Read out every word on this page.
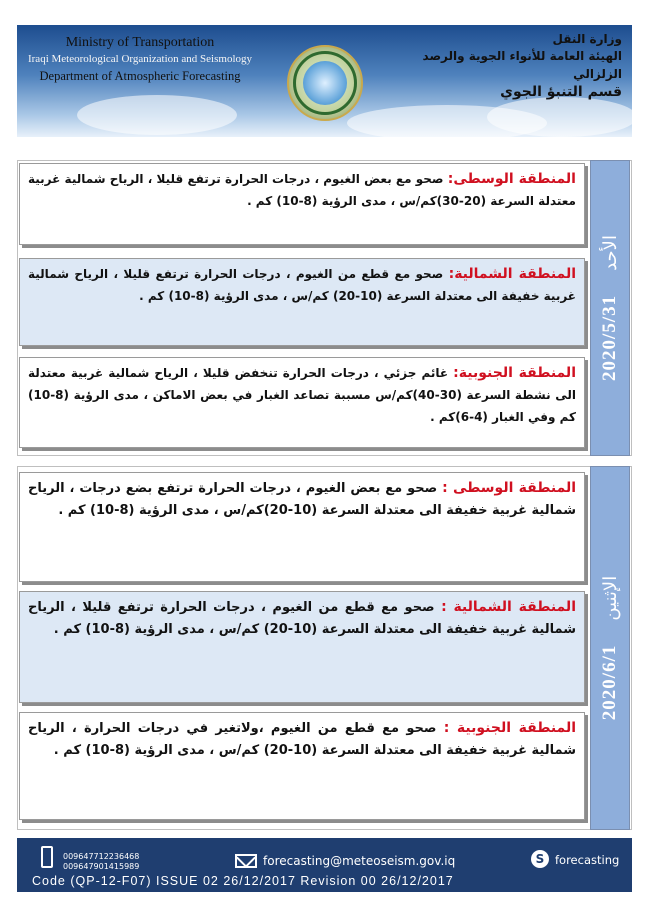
Ministry of Transportation
Iraqi Meteorological Organization and Seismology
Department of Atmospheric Forecasting
وزارة النقل
الهيئة العامة للأنواء الجوية والرصد الزلزالي
قسم التنبؤ الجوي
2020/5/31
الأحد
المنطقة الوسطى: صحو مع بعض الغيوم ، درجات الحرارة ترتفع قليلا ، الرياح شمالية غربية معتدلة السرعة (20-30)كم/س ، مدى الرؤية (8-10) كم .
المنطقة الشمالية: صحو مع قطع من الغيوم ، درجات الحرارة ترتفع قليلا ، الرياح شمالية غربية خفيفة الى معتدلة السرعة (10-20) كم/س ، مدى الرؤية (8-10) كم .
المنطقة الجنوبية: غائم جزئي ، درجات الحرارة تنخفض قليلا ، الرياح شمالية غربية معتدلة الى نشطة السرعة (30-40)كم/س مسببة تصاعد الغبار في بعض الاماكن ، مدى الرؤية (8-10) كم وفي الغبار (4-6)كم .
2020/6/1
الإثنين
المنطقة الوسطى : صحو مع بعض الغيوم ، درجات الحرارة ترتفع بضع درجات ، الرياح شمالية غربية خفيفة الى معتدلة السرعة (10-20)كم/س ، مدى الرؤية (8-10) كم .
المنطقة الشمالية : صحو مع قطع من الغيوم ، درجات الحرارة ترتفع قليلا ، الرياح شمالية غربية خفيفة الى معتدلة السرعة (10-20) كم/س ، مدى الرؤية (8-10) كم .
المنطقة الجنوبية : صحو مع قطع من الغيوم ،ولاتغير في درجات الحرارة ، الرياح شمالية غربية خفيفة الى معتدلة السرعة (10-20) كم/س ، مدى الرؤية (8-10) كم .
009647712236468
009647901415989	forecasting@meteoseism.gov.iq	S forecasting
Code (QP-12-F07) ISSUE 02 26/12/2017 Revision 00 26/12/2017
